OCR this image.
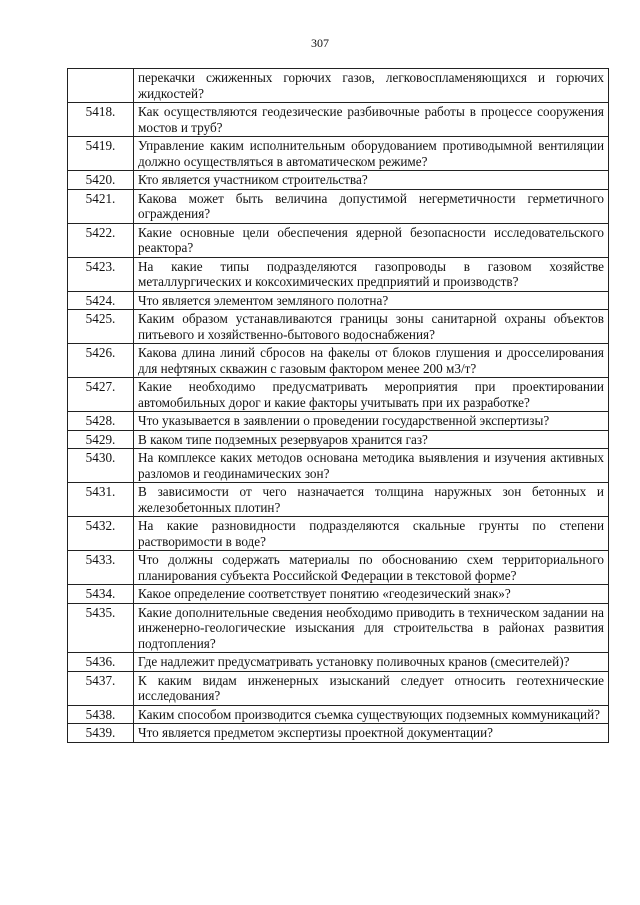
307
	перекачки сжиженных горючих газов, легковоспламеняющихся и горючих жидкостей?
5418.	Как осуществляются геодезические разбивочные работы в процессе сооружения мостов и труб?
5419.	Управление каким исполнительным оборудованием противодымной вентиляции должно осуществляться в автоматическом режиме?
5420.	Кто является участником строительства?
5421.	Какова может быть величина допустимой негерметичности герметичного ограждения?
5422.	Какие основные цели обеспечения ядерной безопасности исследовательского реактора?
5423.	На какие типы подразделяются газопроводы в газовом хозяйстве металлургических и коксохимических предприятий и производств?
5424.	Что является элементом земляного полотна?
5425.	Каким образом устанавливаются границы зоны санитарной охраны объектов питьевого и хозяйственно-бытового водоснабжения?
5426.	Какова длина линий сбросов на факелы от блоков глушения и дросселирования для нефтяных скважин с газовым фактором менее 200 м3/т?
5427.	Какие необходимо предусматривать мероприятия при проектировании автомобильных дорог и какие факторы учитывать при их разработке?
5428.	Что указывается в заявлении о проведении государственной экспертизы?
5429.	В каком типе подземных резервуаров хранится газ?
5430.	На комплексе каких методов основана методика выявления и изучения активных разломов и геодинамических зон?
5431.	В зависимости от чего назначается толщина наружных зон бетонных и железобетонных плотин?
5432.	На какие разновидности подразделяются скальные грунты по степени растворимости в воде?
5433.	Что должны содержать материалы по обоснованию схем территориального планирования субъекта Российской Федерации в текстовой форме?
5434.	Какое определение соответствует понятию «геодезический знак»?
5435.	Какие дополнительные сведения необходимо приводить в техническом задании на инженерно-геологические изыскания для строительства в районах развития подтопления?
5436.	Где надлежит предусматривать установку поливочных кранов (смесителей)?
5437.	К каким видам инженерных изысканий следует относить геотехнические исследования?
5438.	Каким способом производится съемка существующих подземных коммуникаций?
5439.	Что является предметом экспертизы проектной документации?
